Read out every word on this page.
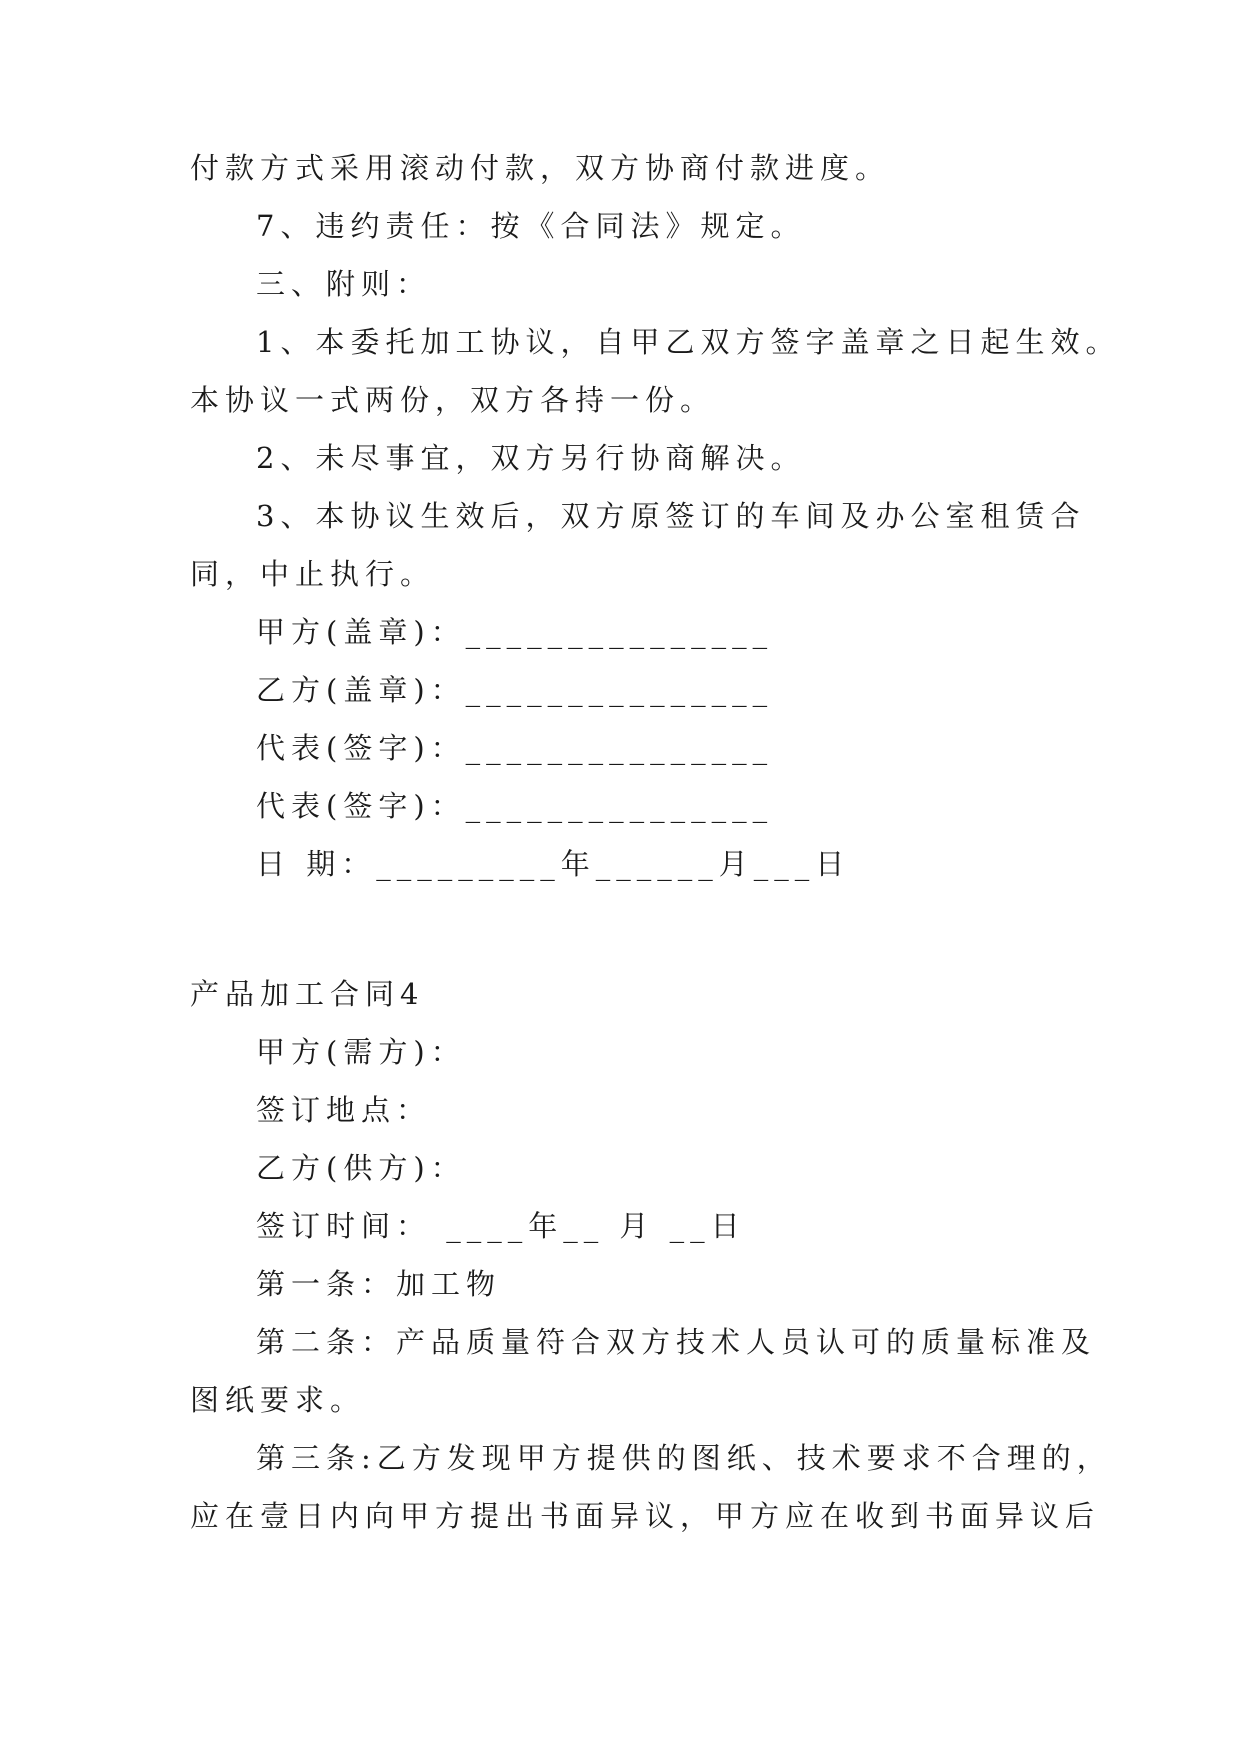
付款方式采用滚动付款，双方协商付款进度。
7、违约责任：按《合同法》规定。
三、附则：
1、本委托加工协议，自甲乙双方签字盖章之日起生效。
本协议一式两份，双方各持一份。
2、未尽事宜，双方另行协商解决。
3、本协议生效后，双方原签订的车间及办公室租赁合
同，中止执行。
甲方(盖章)：_______________
乙方(盖章)：_______________
代表(签字)：_______________
代表(签字)：_______________
日 期：_________年______月___日
产品加工合同4
甲方(需方)：
签订地点：
乙方(供方)：
签订时间： ____年__ 月 __日
第一条：加工物
第二条：产品质量符合双方技术人员认可的质量标准及
图纸要求。
第三条:乙方发现甲方提供的图纸、技术要求不合理的，
应在壹日内向甲方提出书面异议，甲方应在收到书面异议后
